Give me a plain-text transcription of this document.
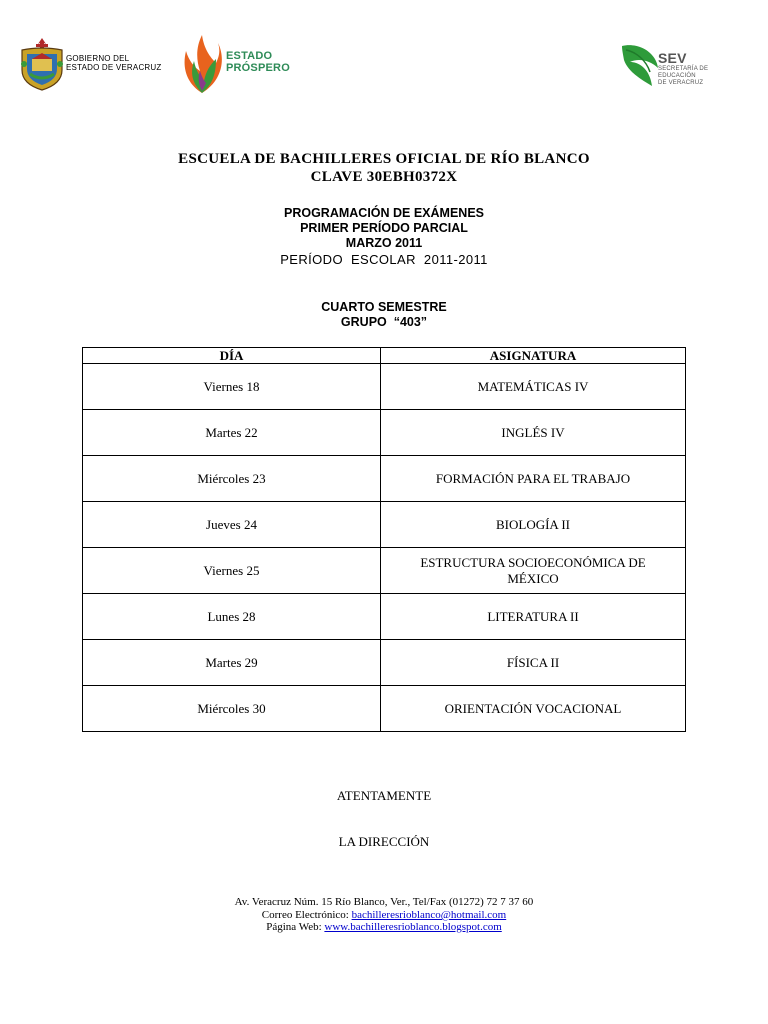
GOBIERNO DEL
ESTADO DE VERACRUZ
ESTADO
PRÓSPERO
SEV
SECRETARÍA DE EDUCACIÓN
DE VERACRUZ
ESCUELA DE BACHILLERES OFICIAL DE RÍO BLANCO
CLAVE 30EBH0372X
PROGRAMACIÓN DE EXÁMENES
PRIMER PERÍODO PARCIAL
MARZO 2011
PERÍODO  ESCOLAR  2011-2011
CUARTO SEMESTRE
GRUPO  “403”
DÍA	ASIGNATURA
Viernes 18	MATEMÁTICAS IV
Martes 22	INGLÉS IV
Miércoles 23	FORMACIÓN PARA EL TRABAJO
Jueves 24	BIOLOGÍA II
Viernes 25	ESTRUCTURA SOCIOECONÓMICA DE MÉXICO
Lunes 28	LITERATURA II
Martes 29	FÍSICA II
Miércoles 30	ORIENTACIÓN VOCACIONAL
ATENTAMENTE
LA DIRECCIÓN
Av. Veracruz Núm. 15 Río Blanco, Ver., Tel/Fax (01272) 72 7 37 60
Correo Electrónico: bachilleresrioblanco@hotmail.com
Página Web: www.bachilleresrioblanco.blogspot.com
